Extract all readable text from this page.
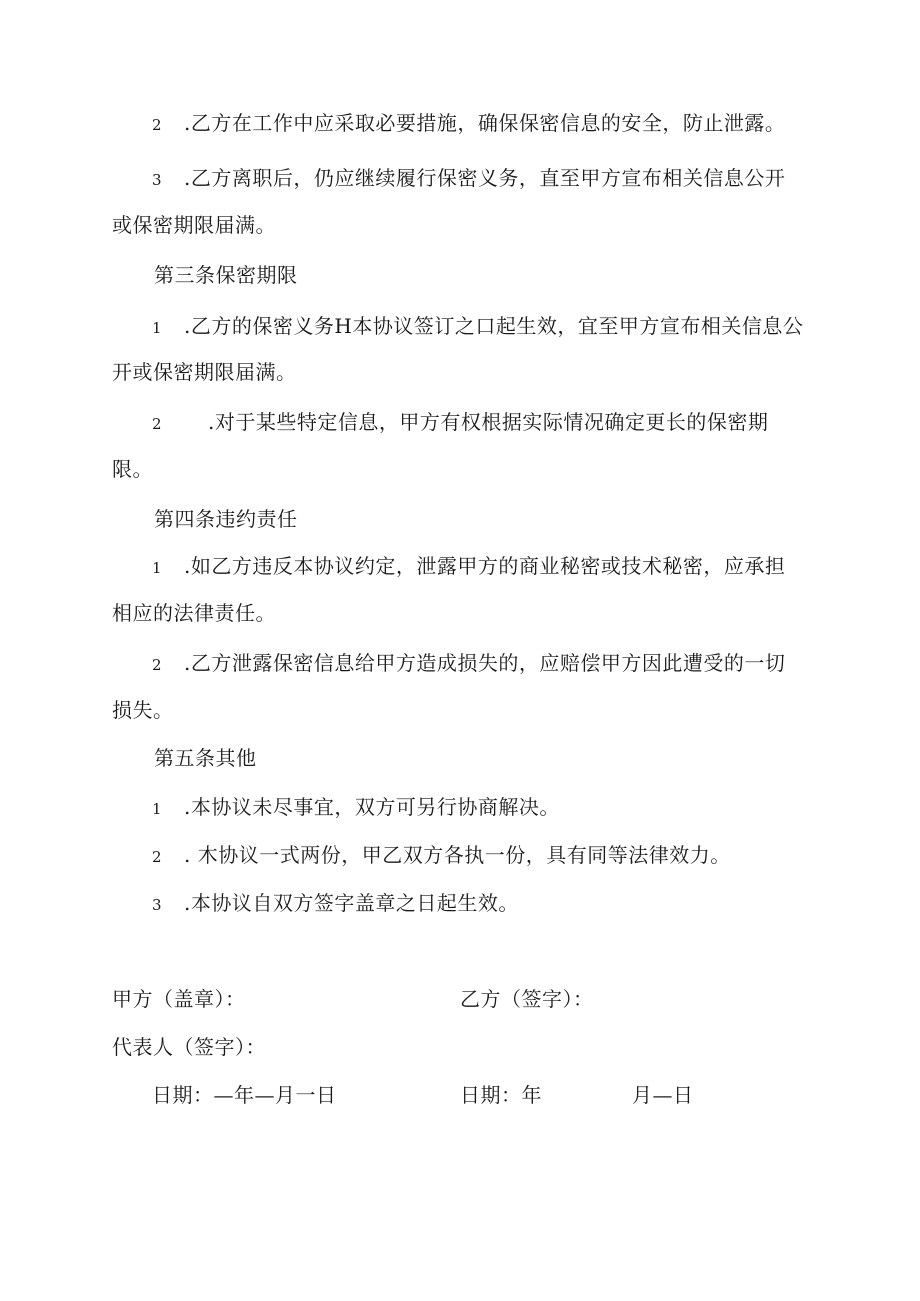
2 .乙方在工作中应采取必要措施，确保保密信息的安全，防止泄露。
3 .乙方离职后，仍应继续履行保密义务，直至甲方宣布相关信息公开
或保密期限届满。
第三条保密期限
1 .乙方的保密义务H本协议签订之口起生效，宜至甲方宣布相关信息公
开或保密期限届满。
2 .对于某些特定信息，甲方有权根据实际情况确定更长的保密期
限。
第四条违约责任
1 .如乙方违反本协议约定，泄露甲方的商业秘密或技术秘密，应承担
相应的法律责任。
2 .乙方泄露保密信息给甲方造成损失的，应赔偿甲方因此遭受的一切
损失。
第五条其他
1 .本协议未尽事宜，双方可另行协商解决。
2 . 木协议一式两份，甲乙双方各执一份，具有同等法律效力。
3 .本协议自双方签字盖章之日起生效。
甲方（盖章）：	乙方（签字）：
代表人（签字）：
日期：—年—月一日	日期：年	月—日
